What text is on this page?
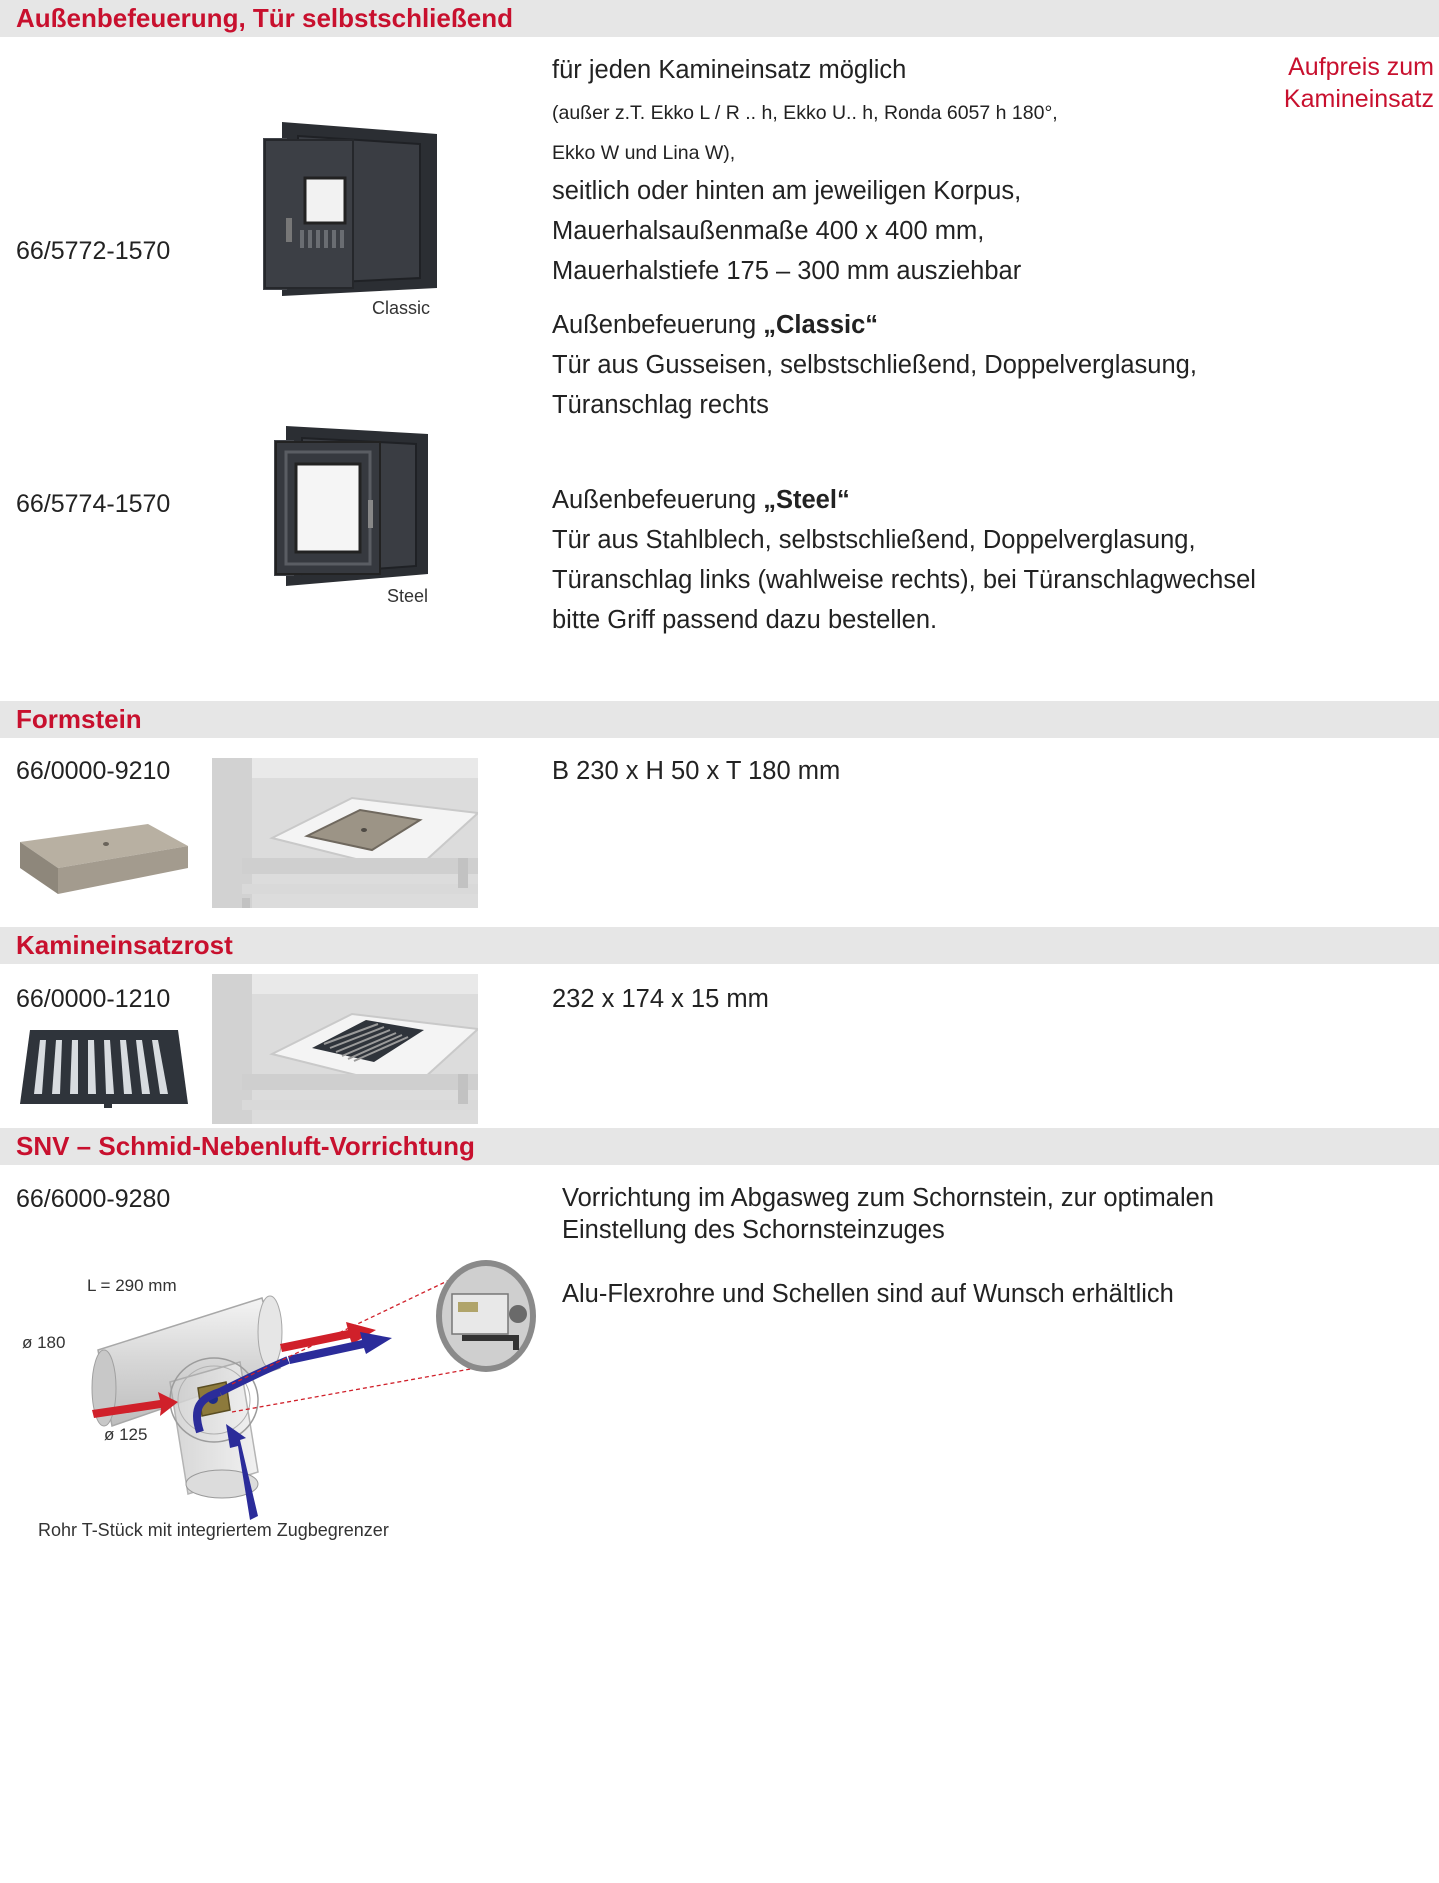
Außenbefeuerung, Tür selbstschließend
Aufpreis zum
Kamineinsatz
für jeden Kamineinsatz möglich
(außer z.T. Ekko L / R .. h, Ekko U.. h, Ronda 6057 h 180°,
Ekko W und Lina W),
seitlich oder hinten am jeweiligen Korpus,
Mauerhalsaußenmaße 400 x 400 mm,
Mauerhalstiefe 175 – 300 mm ausziehbar
66/5772-1570
Classic
Außenbefeuerung „Classic“
Tür aus Gusseisen, selbstschließend, Doppelverglasung,
Türanschlag rechts
66/5774-1570
Steel
Außenbefeuerung „Steel“
Tür aus Stahlblech, selbstschließend, Doppelverglasung,
Türanschlag links (wahlweise rechts), bei Türanschlagwechsel
bitte Griff passend dazu bestellen.
Formstein
66/0000-9210	B 230 x H 50 x T 180 mm
Kamineinsatzrost
66/0000-1210	232 x 174 x 15 mm
SNV – Schmid-Nebenluft-Vorrichtung
66/6000-9280	Vorrichtung im Abgasweg zum Schornstein, zur optimalen
Einstellung des Schornsteinzuges
Alu-Flexrohre und Schellen sind auf Wunsch erhältlich
L = 290 mm
ø 180
ø 125
Rohr T-Stück mit integriertem Zugbegrenzer
